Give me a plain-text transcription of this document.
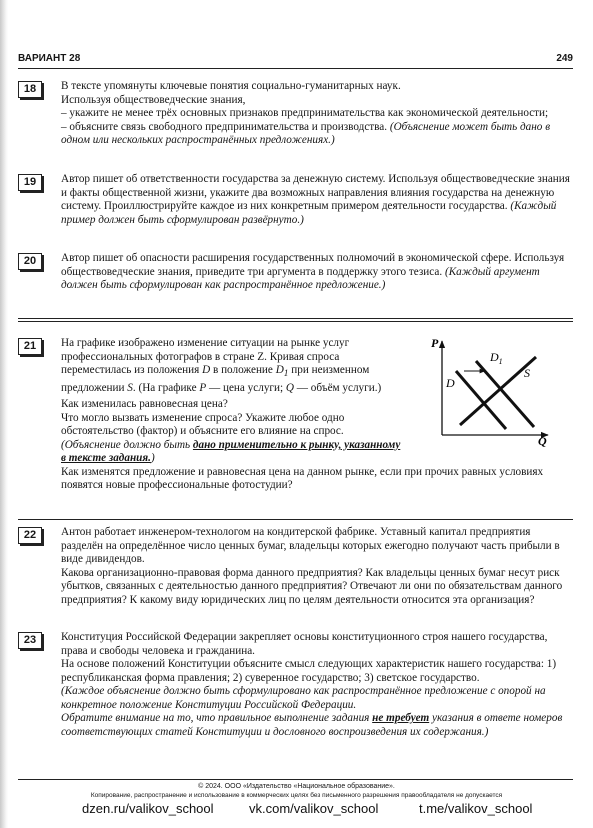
ВАРИАНТ 28	249
18	В тексте упомянуты ключевые понятия социально-гуманитарных наук.

Используя обществоведческие знания,

– укажите не менее трёх основных признаков предпринимательства как экономической деятельности;

– объясните связь свободного предпринимательства и производства. (Объяснение может быть дано в одном или нескольких распространённых предложениях.)

19	Автор пишет об ответственности государства за денежную систему. Используя обществоведческие знания и факты общественной жизни, укажите два возможных направления влияния государства на денежную систему. Проиллюстрируйте каждое из них конкретным примером деятельности государства. (Каждый пример должен быть сформулирован развёрнуто.)

20	Автор пишет об опасности расширения государственных полномочий в экономической сфере. Используя обществоведческие знания, приведите три аргумента в поддержку этого тезиса. (Каждый аргумент должен быть сформулирован как распространённое предложение.)

21	На графике изображено изменение ситуации на рынке услуг профессиональных фотографов в стране Z. Кривая спроса переместилась из положения D в положение $D_1$ при неизменном предложении S. (На графике P — цена услуги; Q — объём услуги.)

Как изменилась равновесная цена?

Что могло вызвать изменение спроса? Укажите любое одно обстоятельство (фактор) и объясните его влияние на спрос. (Объяснение должно быть дано применительно к рынку, указанному в тексте задания.)

Как изменятся предложение и равновесная цена на данном рынке, если при прочих равных условиях появятся новые профессиональные фотостудии?

P
Q
D
$D_1$
S
22	Антон работает инженером-технологом на кондитерской фабрике. Уставный капитал предприятия разделён на определённое число ценных бумаг, владельцы которых ежегодно получают часть прибыли в виде дивидендов.

Какова организационно-правовая форма данного предприятия? Как владельцы ценных бумаг несут риск убытков, связанных с деятельностью данного предприятия? Отвечают ли они по обязательствам данного предприятия? К какому виду юридических лиц по целям деятельности относится эта организация?

23	Конституция Российской Федерации закрепляет основы конституционного строя нашего государства, права и свободы человека и гражданина.

На основе положений Конституции объясните смысл следующих характеристик нашего государства: 1) республиканская форма правления; 2) суверенное государство; 3) светское государство.

(Каждое объяснение должно быть сформулировано как распространённое предложение с опорой на конкретное положение Конституции Российской Федерации.

Обратите внимание на то, что правильное выполнение задания не требует указания в ответе номеров соответствующих статей Конституции и дословного воспроизведения их содержания.)

© 2024. ООО «Издательство «Национальное образование».
Копирование, распространение и использование в коммерческих целях без письменного разрешения правообладателя не допускается
dzen.ru/valikov_school	vk.com/valikov_school	t.me/valikov_school
